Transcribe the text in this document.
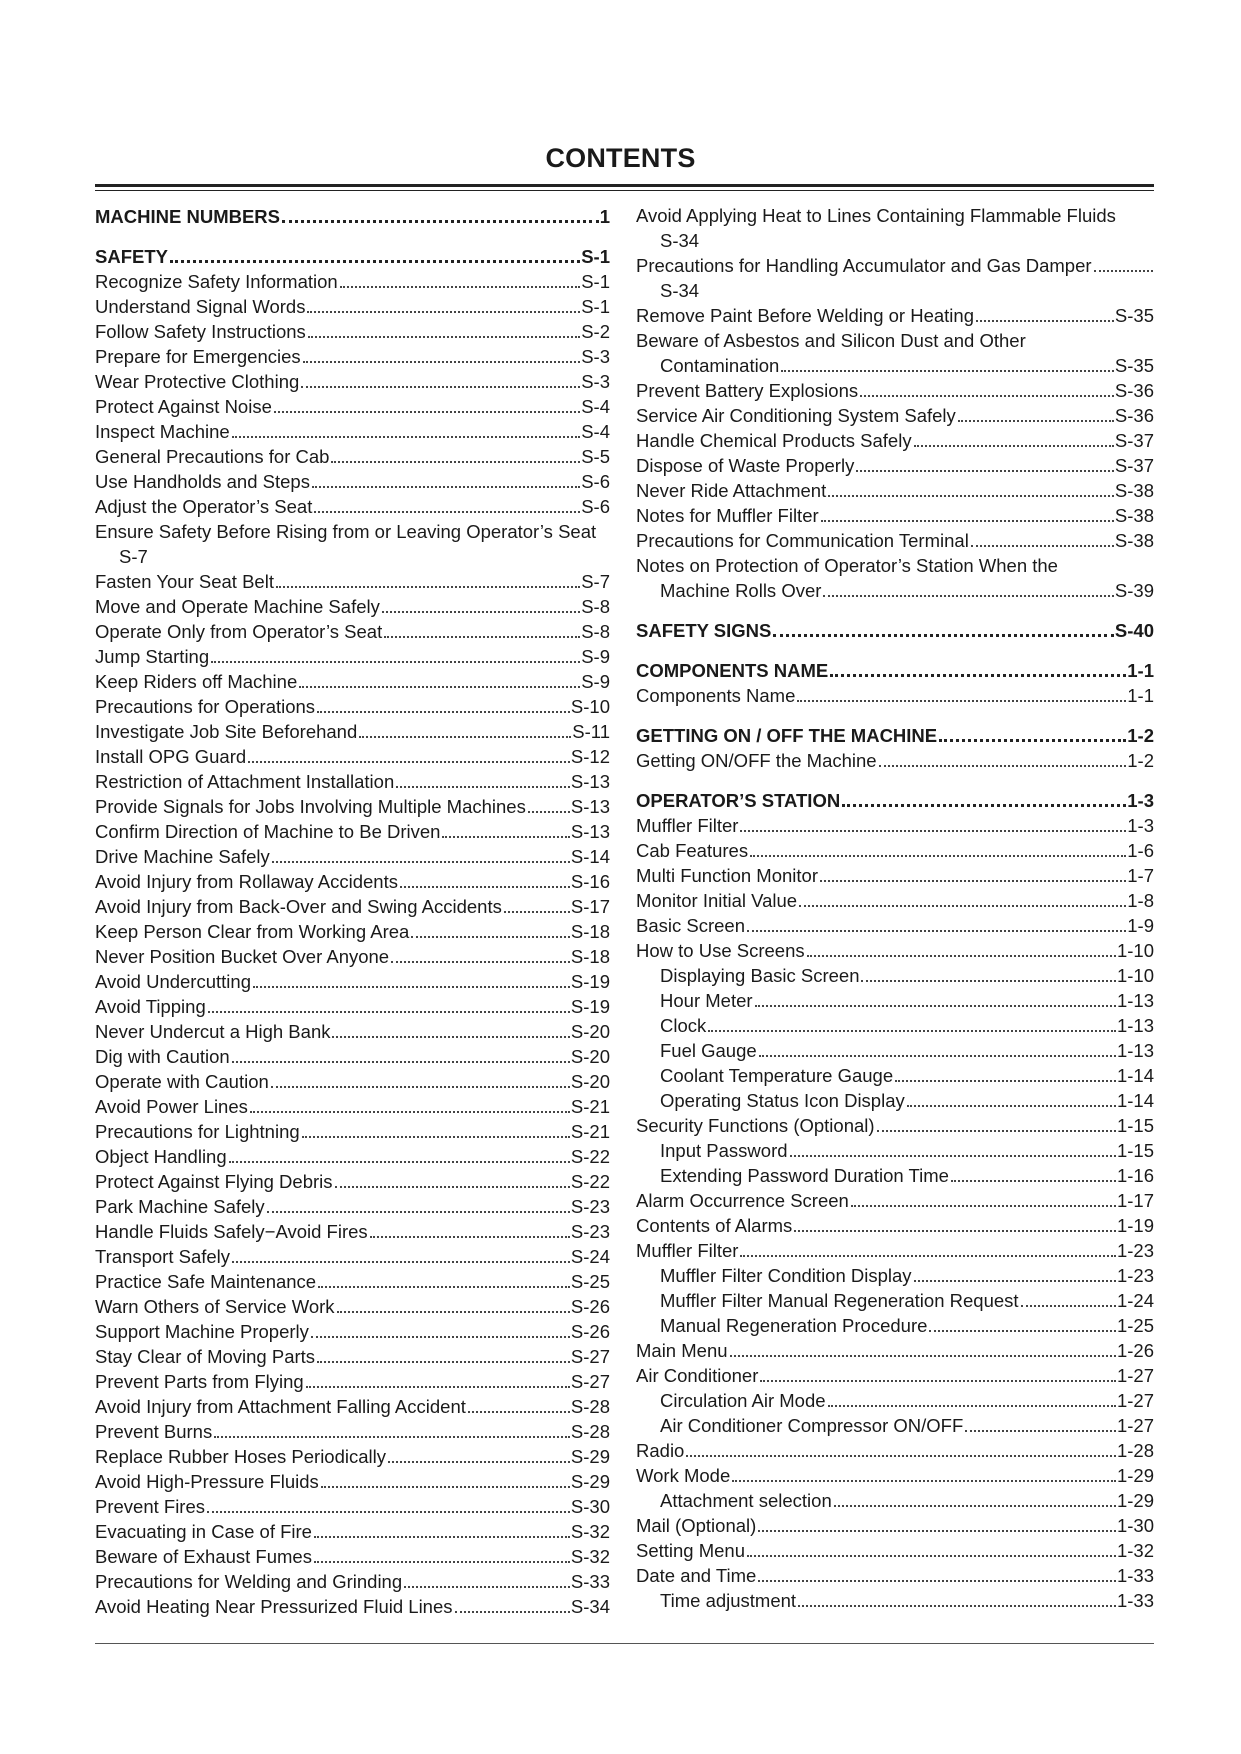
CONTENTS
MACHINE NUMBERS	1
SAFETY	S-1
Recognize Safety Information	S-1
Understand Signal Words	S-1
Follow Safety Instructions	S-2
Prepare for Emergencies	S-3
Wear Protective Clothing	S-3
Protect Against Noise	S-4
Inspect Machine	S-4
General Precautions for Cab	S-5
Use Handholds and Steps	S-6
Adjust the Operator’s Seat	S-6
Ensure Safety Before Rising from or Leaving Operator’s Seat
S-7
Fasten Your Seat Belt	S-7
Move and Operate Machine Safely	S-8
Operate Only from Operator’s Seat	S-8
Jump Starting	S-9
Keep Riders off Machine	S-9
Precautions for Operations	S-10
Investigate Job Site Beforehand	S-11
Install OPG Guard	S-12
Restriction of Attachment Installation	S-13
Provide Signals for Jobs Involving Multiple Machines S-13
Confirm Direction of Machine to Be Driven	S-13
Drive Machine Safely	S-14
Avoid Injury from Rollaway Accidents	S-16
Avoid Injury from Back-Over and Swing Accidents	S-17
Keep Person Clear from Working Area	S-18
Never Position Bucket Over Anyone	S-18
Avoid Undercutting	S-19
Avoid Tipping	S-19
Never Undercut a High Bank	S-20
Dig with Caution	S-20
Operate with Caution	S-20
Avoid Power Lines	S-21
Precautions for Lightning	S-21
Object Handling	S-22
Protect Against Flying Debris	S-22
Park Machine Safely	S-23
Handle Fluids Safely−Avoid Fires	S-23
Transport Safely	S-24
Practice Safe Maintenance	S-25
Warn Others of Service Work	S-26
Support Machine Properly	S-26
Stay Clear of Moving Parts	S-27
Prevent Parts from Flying	S-27
Avoid Injury from Attachment Falling Accident	S-28
Prevent Burns	S-28
Replace Rubber Hoses Periodically	S-29
Avoid High-Pressure Fluids	S-29
Prevent Fires	S-30
Evacuating in Case of Fire	S-32
Beware of Exhaust Fumes	S-32
Precautions for Welding and Grinding	S-33
Avoid Heating Near Pressurized Fluid Lines	S-34
Avoid Applying Heat to Lines Containing Flammable Fluids
S-34
Precautions for Handling Accumulator and Gas Damper
S-34
Remove Paint Before Welding or Heating	S-35
Beware of Asbestos and Silicon Dust and Other
Contamination	S-35
Prevent Battery Explosions	S-36
Service Air Conditioning System Safely	S-36
Handle Chemical Products Safely	S-37
Dispose of Waste Properly	S-37
Never Ride Attachment	S-38
Notes for Muffler Filter	S-38
Precautions for Communication Terminal	S-38
Notes on Protection of Operator’s Station When the
Machine Rolls Over	S-39
SAFETY SIGNS	S-40
COMPONENTS NAME	1-1
Components Name	1-1
GETTING ON / OFF THE MACHINE	1-2
Getting ON/OFF the Machine	1-2
OPERATOR’S STATION	1-3
Muffler Filter	1-3
Cab Features	1-6
Multi Function Monitor	1-7
Monitor Initial Value	1-8
Basic Screen	1-9
How to Use Screens	1-10
Displaying Basic Screen	1-10
Hour Meter	1-13
Clock	1-13
Fuel Gauge	1-13
Coolant Temperature Gauge	1-14
Operating Status Icon Display	1-14
Security Functions (Optional)	1-15
Input Password	1-15
Extending Password Duration Time	1-16
Alarm Occurrence Screen	1-17
Contents of Alarms	1-19
Muffler Filter	1-23
Muffler Filter Condition Display	1-23
Muffler Filter Manual Regeneration Request	1-24
Manual Regeneration Procedure	1-25
Main Menu	1-26
Air Conditioner	1-27
Circulation Air Mode	1-27
Air Conditioner Compressor ON/OFF	1-27
Radio	1-28
Work Mode	1-29
Attachment selection	1-29
Mail (Optional)	1-30
Setting Menu	1-32
Date and Time	1-33
Time adjustment	1-33
